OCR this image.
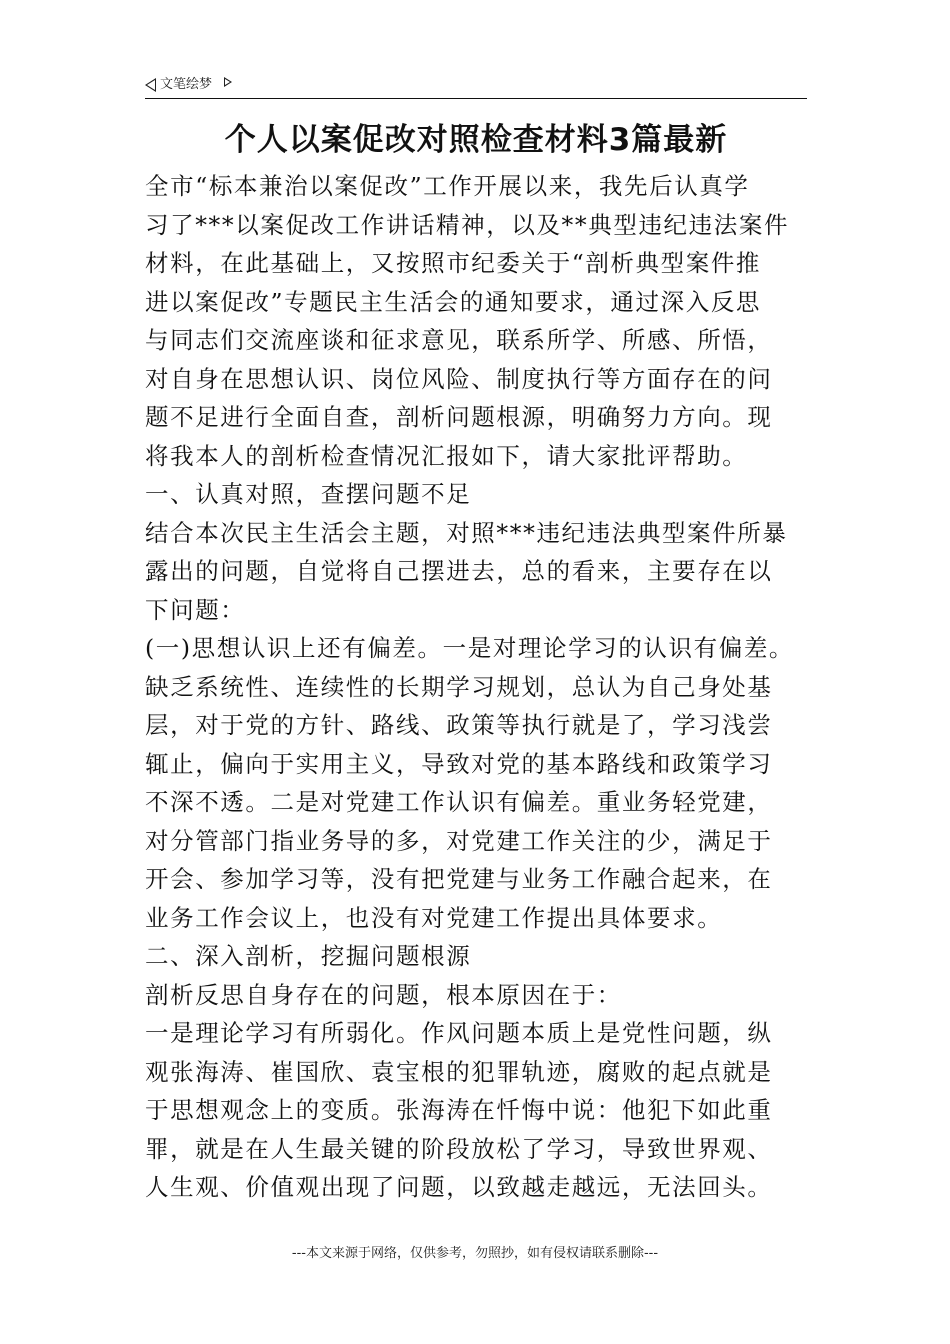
文笔绘梦
个人以案促改对照检查材料3篇最新
全市“标本兼治以案促改”工作开展以来，我先后认真学
习了***以案促改工作讲话精神，以及**典型违纪违法案件
材料，在此基础上，又按照市纪委关于“剖析典型案件推
进以案促改”专题民主生活会的通知要求，通过深入反思
与同志们交流座谈和征求意见，联系所学、所感、所悟，
对自身在思想认识、岗位风险、制度执行等方面存在的问
题不足进行全面自查，剖析问题根源，明确努力方向。现
将我本人的剖析检查情况汇报如下，请大家批评帮助。
一、认真对照，查摆问题不足
结合本次民主生活会主题，对照***违纪违法典型案件所暴
露出的问题，自觉将自己摆进去，总的看来，主要存在以
下问题：
(一)思想认识上还有偏差。一是对理论学习的认识有偏差。
缺乏系统性、连续性的长期学习规划，总认为自己身处基
层，对于党的方针、路线、政策等执行就是了，学习浅尝
辄止，偏向于实用主义，导致对党的基本路线和政策学习
不深不透。二是对党建工作认识有偏差。重业务轻党建，
对分管部门指业务导的多，对党建工作关注的少，满足于
开会、参加学习等，没有把党建与业务工作融合起来，在
业务工作会议上，也没有对党建工作提出具体要求。
二、深入剖析，挖掘问题根源
剖析反思自身存在的问题，根本原因在于：
一是理论学习有所弱化。作风问题本质上是党性问题，纵
观张海涛、崔国欣、袁宝根的犯罪轨迹，腐败的起点就是
于思想观念上的变质。张海涛在忏悔中说：他犯下如此重
罪，就是在人生最关键的阶段放松了学习，导致世界观、
人生观、价值观出现了问题，以致越走越远，无法回头。
---本文来源于网络，仅供参考，勿照抄，如有侵权请联系删除---
